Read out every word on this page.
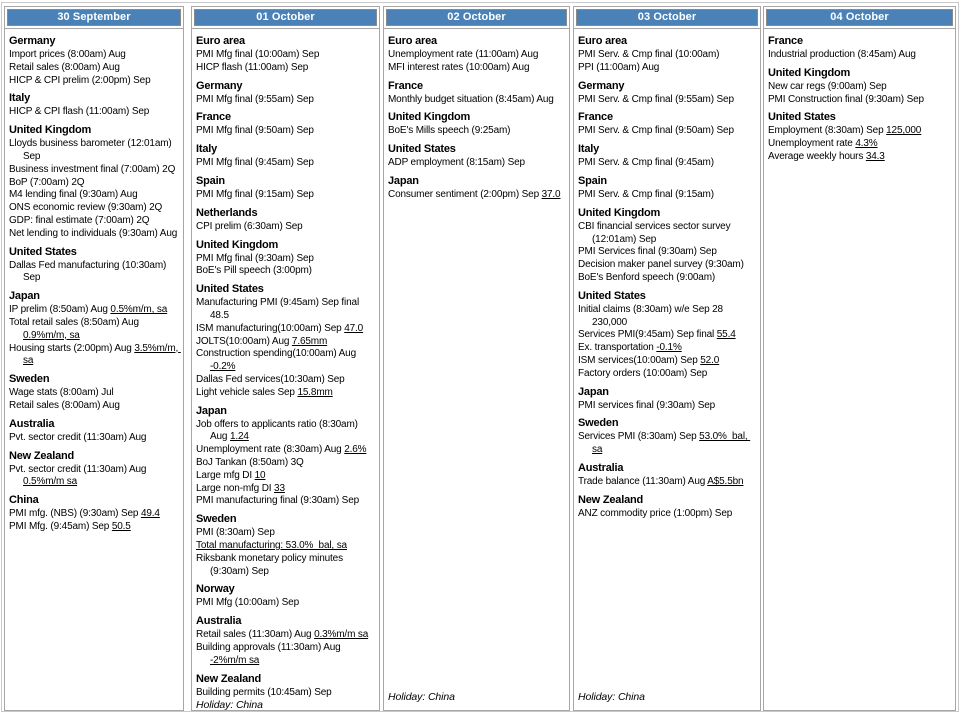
30 September
Germany
Import prices (8:00am) Aug
Retail sales (8:00am) Aug
HICP & CPI prelim (2:00pm) Sep
Italy
HICP & CPI flash (11:00am) Sep
United Kingdom
Lloyds business barometer (12:01am) Sep
Business investment final (7:00am) 2Q
BoP (7:00am) 2Q
M4 lending final (9:30am) Aug
ONS economic review (9:30am) 2Q
GDP: final estimate (7:00am) 2Q
Net lending to individuals (9:30am) Aug
United States
Dallas Fed manufacturing (10:30am) Sep
Japan
IP prelim (8:50am) Aug 0.5%m/m, sa
Total retail sales (8:50am) Aug 0.9%m/m, sa
Housing starts (2:00pm) Aug 3.5%m/m, sa
Sweden
Wage stats (8:00am) Jul
Retail sales (8:00am) Aug
Australia
Pvt. sector credit (11:30am) Aug
New Zealand
Pvt. sector credit (11:30am) Aug 0.5%m/m sa
China
PMI mfg. (NBS) (9:30am) Sep 49.4
PMI Mfg. (9:45am) Sep 50.5
01 October
Euro area
PMI Mfg final (10:00am) Sep
HICP flash (11:00am) Sep
Germany
PMI Mfg final (9:55am) Sep
France
PMI Mfg final (9:50am) Sep
Italy
PMI Mfg final (9:45am) Sep
Spain
PMI Mfg final (9:15am) Sep
Netherlands
CPI prelim (6:30am) Sep
United Kingdom
PMI Mfg final (9:30am) Sep
BoE's Pill speech (3:00pm)
United States
Manufacturing PMI (9:45am) Sep final 48.5
ISM manufacturing(10:00am) Sep 47.0
JOLTS(10:00am) Aug 7.65mm
Construction spending(10:00am) Aug -0.2%
Dallas Fed services(10:30am) Sep
Light vehicle sales Sep 15.8mm
Japan
Job offers to applicants ratio (8:30am) Aug 1.24
Unemployment rate (8:30am) Aug 2.6%
BoJ Tankan (8:50am) 3Q
Large mfg DI 10
Large non-mfg DI 33
PMI manufacturing final (9:30am) Sep
Sweden
PMI (8:30am) Sep
Total manufacturing: 53.0%  bal, sa
Riksbank monetary policy minutes (9:30am) Sep
Norway
PMI Mfg (10:00am) Sep
Australia
Retail sales (11:30am) Aug 0.3%m/m sa
Building approvals (11:30am) Aug -2%m/m sa
New Zealand
Building permits (10:45am) Sep
Holiday: China
02 October
Euro area
Unemployment rate (11:00am) Aug
MFI interest rates (10:00am) Aug
France
Monthly budget situation (8:45am) Aug
United Kingdom
BoE's Mills speech (9:25am)
United States
ADP employment (8:15am) Sep
Japan
Consumer sentiment (2:00pm) Sep 37.0
Holiday: China
03 October
Euro area
PMI Serv. & Cmp final (10:00am)
PPI (11:00am) Aug
Germany
PMI Serv. & Cmp final (9:55am) Sep
France
PMI Serv. & Cmp final (9:50am) Sep
Italy
PMI Serv. & Cmp final (9:45am)
Spain
PMI Serv. & Cmp final (9:15am)
United Kingdom
CBI financial services sector survey (12:01am) Sep
PMI Services final (9:30am) Sep
Decision maker panel survey (9:30am)
BoE's Benford speech (9:00am)
United States
Initial claims (8:30am) w/e Sep 28 230,000
Services PMI(9:45am) Sep final 55.4
Ex. transportation -0.1%
ISM services(10:00am) Sep 52.0
Factory orders (10:00am) Sep
Japan
PMI services final (9:30am) Sep
Sweden
Services PMI (8:30am) Sep 53.0%  bal, sa
Australia
Trade balance (11:30am) Aug A$5.5bn
New Zealand
ANZ commodity price (1:00pm) Sep
Holiday: China
04 October
France
Industrial production (8:45am) Aug
United Kingdom
New car regs (9:00am) Sep
PMI Construction final (9:30am) Sep
United States
Employment (8:30am) Sep 125,000
Unemployment rate 4.3%
Average weekly hours 34.3
